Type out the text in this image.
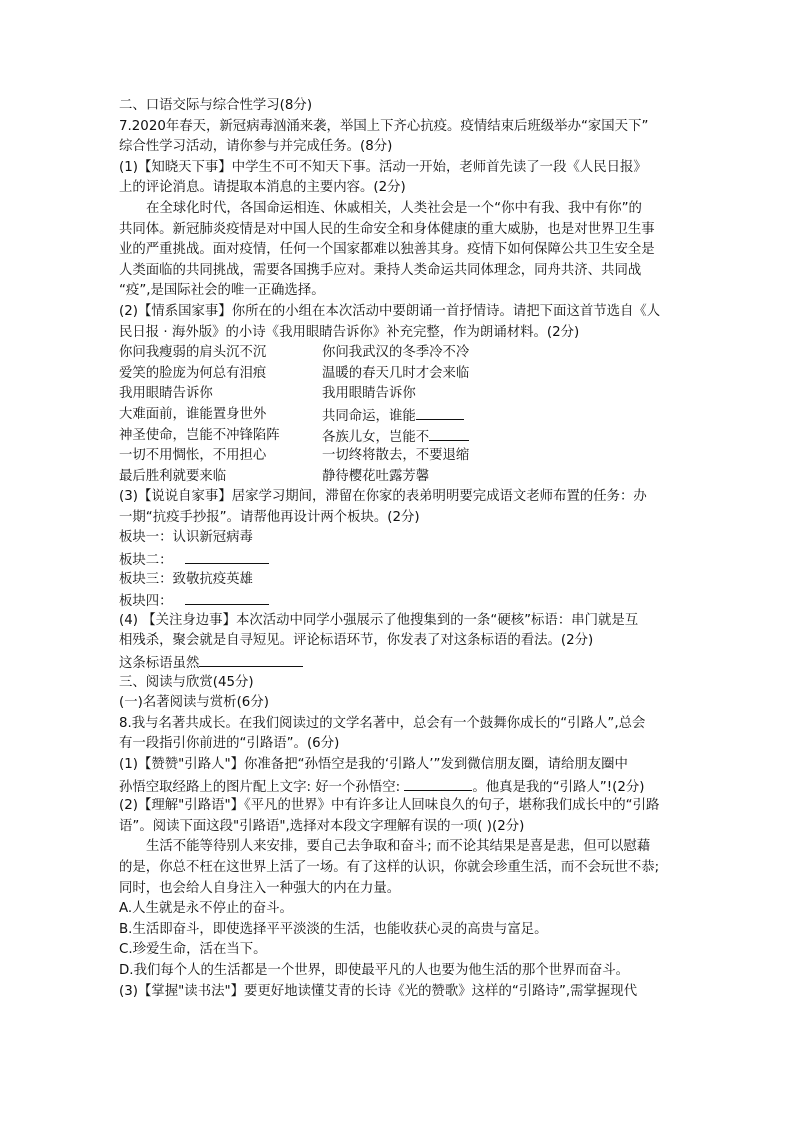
二、口语交际与综合性学习(8分)
7.2020年春天，新冠病毒汹涌来袭，举国上下齐心抗疫。疫情结束后班级举办“家国天下”
综合性学习活动，请你参与并完成任务。(8分)
(1)【知晓天下事】中学生不可不知天下事。活动一开始，老师首先读了一段《人民日报》
上的评论消息。请提取本消息的主要内容。(2分)
在全球化时代，各国命运相连、休戚相关，人类社会是一个“你中有我、我中有你”的
共同体。新冠肺炎疫情是对中国人民的生命安全和身体健康的重大威胁，也是对世界卫生事
业的严重挑战。面对疫情，任何一个国家都难以独善其身。疫情下如何保障公共卫生安全是
人类面临的共同挑战，需要各国携手应对。秉持人类命运共同体理念，同舟共济、共同战
“疫”,是国际社会的唯一正确选择。
(2)【情系国家事】你所在的小组在本次活动中要朗诵一首抒情诗。请把下面这首节选自《人
民日报 · 海外版》的小诗《我用眼睛告诉你》补充完整，作为朗诵材料。(2分)
你问我瘦弱的肩头沉不沉	你问我武汉的冬季冷不冷
爱笑的脸庞为何总有泪痕	温暖的春天几时才会来临
我用眼睛告诉你	我用眼睛告诉你
大难面前，谁能置身世外	共同命运，谁能
神圣使命，岂能不冲锋陷阵	各族儿女，岂能不
一切不用惆怅，不用担心	一切终将散去，不要退缩
最后胜利就要来临	静待樱花吐露芳馨
(3)【说说自家事】居家学习期间，滞留在你家的表弟明明要完成语文老师布置的任务：办
一期“抗疫手抄报”。请帮他再设计两个板块。(2分)
板块一：认识新冠病毒
板块二：
板块三：致敬抗疫英雄
板块四：
(4) 【关注身边事】本次活动中同学小强展示了他搜集到的一条“硬核”标语：串门就是互
相残杀，聚会就是自寻短见。评论标语环节，你发表了对这条标语的看法。(2分)
这条标语虽然
三、阅读与欣赏(45分)
(一)名著阅读与赏析(6分)
8.我与名著共成长。在我们阅读过的文学名著中，总会有一个鼓舞你成长的“引路人”,总会
有一段指引你前进的“引路语”。(6分)
(1)【赞赞"引路人"】你准备把“孙悟空是我的‘引路人’”发到微信朋友圈，请给朋友圈中
孙悟空取经路上的图片配上文字: 好一个孙悟空:	。他真是我的“引路人”!(2分)
(2)【理解"引路语"】《平凡的世界》中有许多让人回味良久的句子，堪称我们成长中的“引路
语”。阅读下面这段"引路语",选择对本段文字理解有误的一项( )(2分)
生活不能等待别人来安排，要自己去争取和奋斗; 而不论其结果是喜是悲，但可以慰藉
的是，你总不枉在这世界上活了一场。有了这样的认识，你就会珍重生活，而不会玩世不恭;
同时，也会给人自身注入一种强大的内在力量。
A.人生就是永不停止的奋斗。
B.生活即奋斗，即使选择平平淡淡的生活，也能收获心灵的高贵与富足。
C.珍爱生命，活在当下。
D.我们每个人的生活都是一个世界，即使最平凡的人也要为他生活的那个世界而奋斗。
(3)【掌握"读书法"】要更好地读懂艾青的长诗《光的赞歌》这样的“引路诗”,需掌握现代
